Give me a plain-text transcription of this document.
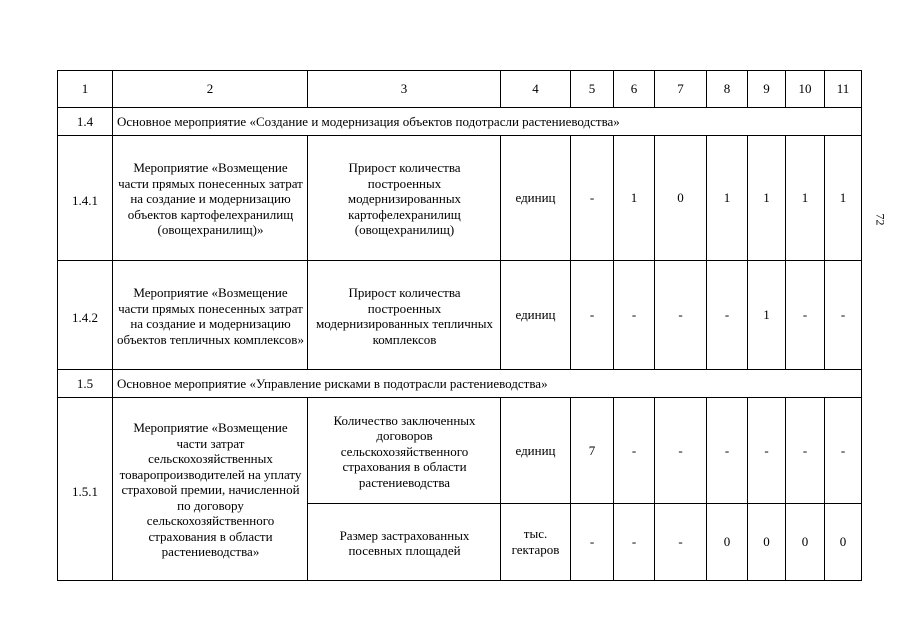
1	2	3	4	5	6	7	8	9	10	11
1.4	Основное мероприятие «Создание и модернизация объектов подотрасли растениеводства»									
1.4.1	Мероприятие «Возмещение части прямых понесенных затрат на создание и модернизацию объектов картофелехранилищ (овощехранилищ)»	Прирост количества построенных модернизированных картофелехранилищ (овощехранилищ)	единиц	-	1	0	1	1	1	1
1.4.2	Мероприятие «Возмещение части прямых понесенных затрат на создание и модернизацию объектов тепличных комплексов»	Прирост количества построенных модернизированных тепличных комплексов	единиц	-	-	-	-	1	-	-
1.5	Основное мероприятие «Управление рисками в подотрасли растениеводства»									
1.5.1	Мероприятие «Возмещение части затрат сельскохозяйственных товаропроизводителей на уплату страховой премии, начисленной по договору сельскохозяйственного страхования в области растениеводства»	Количество заключенных договоров сельскохозяйственного страхования в области растениеводства	единиц	7	-	-	-	-	-	-
		Размер застрахованных посевных площадей	тыс. гектаров	-	-	-	0	0	0	0
72
